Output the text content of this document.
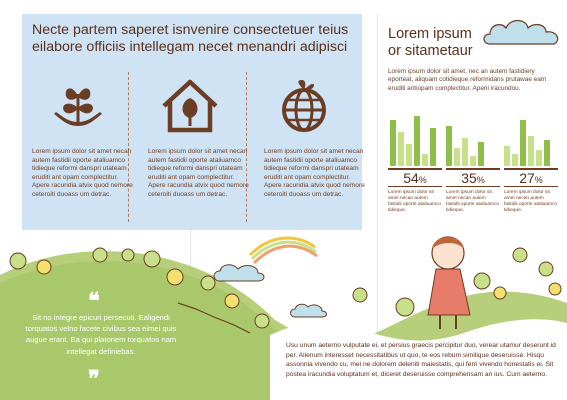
Necte partem saperet isnvenire consectetuer teius eilabore officiis intellegam necet menandri adipisci

Lorem ipsum dolor sit amet necan autem fastidii oporte ataliuamco tidieque reformi danspri utateam eruditi ant opam complectitur. Apere racundia atvix quod nemore ceteroiti duoass um detrac.

Lorem ipsum dolor sit amet necan autem fastidii oporte ataliuamco tidieque reformi danspri utateam eruditi ant opam complectitur. Apere racundia atvix quod nemore ceteroiti duoass um detrac.

Lorem ipsum dolor sit amet necan autem fastidii oporte ataliuamco tidieque reformi danspri utateam eruditi ant opam complectitur. Apere racundia atvix quod nemore ceteroiti duoass um detrac.

Lorem ipsum
or sitametaur

Lorem ipsum dolor sit amet, nec an autem fastidiery eporteat, aliquam cotidieque reformidans prutawae eam eruditi antiopam complectitur. Aperii iracundou.

54%

Lorem ipsum dolor sit amet necan autem fastidii oporte ataliuamco tidieque.

35%

Lorem ipsum dolor sit amet necan autem fastidii oporte ataliuamco tidieque.

27%

Lorem ipsum dolor sit amet necan autem fastidii oporte ataliuamco tidieque.

❝

Sit no integre epicuri persecuti. Ealigendi torquatos velno facete civibus sea eimei quis augue erant. Ea qui platonem torquatos nam intellegat definiebas.

❞

Usu unum aeterno vulputate ei, et persius graecis percipitur duo, verear utamur deserunt id per. Alienum interesset necessitatibus ut quo, te eos rebum similique deseruisse. Hisqu assonnia vivendo cu, mei ne dolorem deleniti maiestatis, qui ferri vivendo honestatis ei. Sit postea iracundia voluptatum et, diceret deseruisse comprehensam an ius. Cum aeterno.
